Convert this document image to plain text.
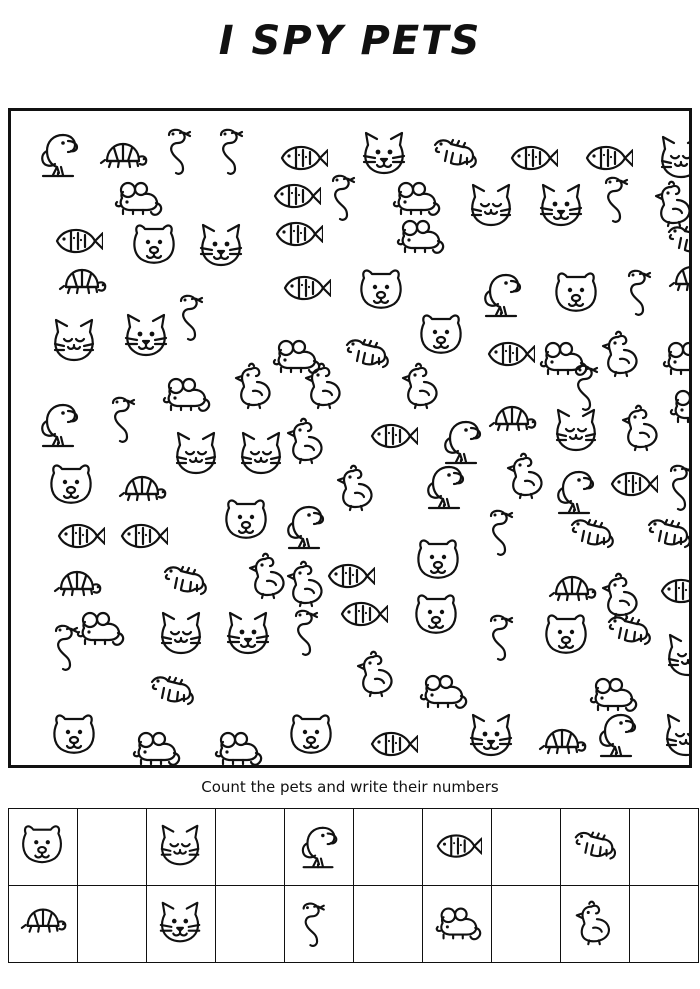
I SPY PETS
Count the pets and write their numbers
